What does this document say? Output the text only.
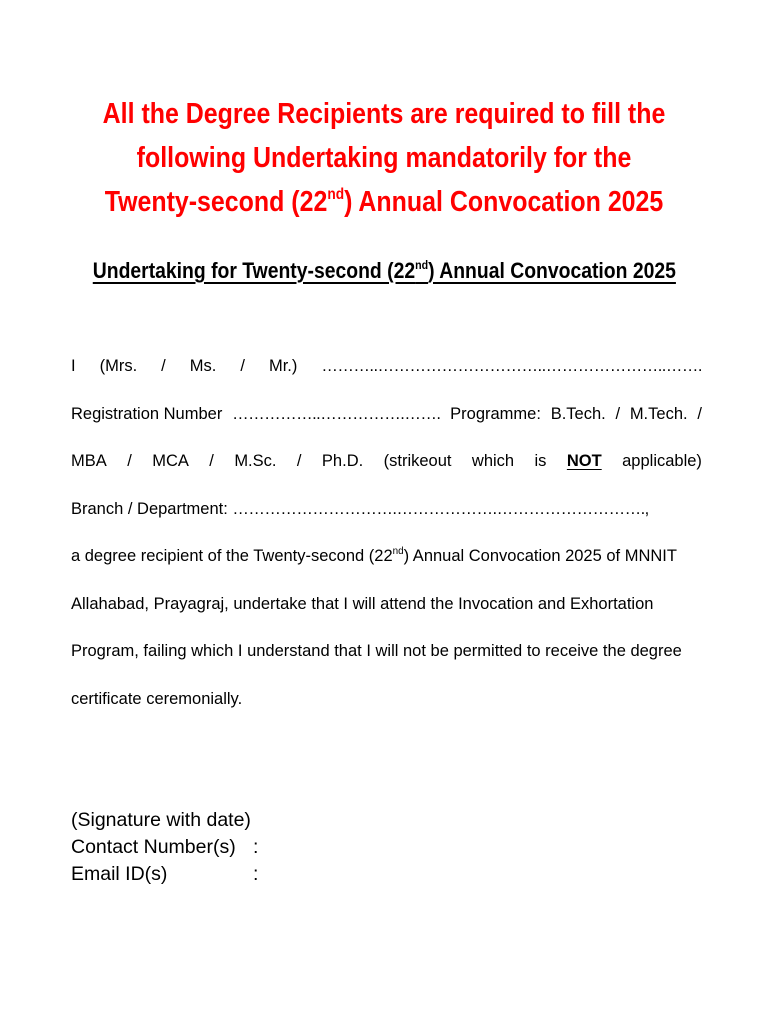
All the Degree Recipients are required to fill the
following Undertaking mandatorily for the
Twenty-second (22nd) Annual Convocation 2025
Undertaking for Twenty-second (22nd) Annual Convocation 2025
I (Mrs. / Ms. / Mr.) ………..…………………………..…………………..…….
Registration Number ……………..…………….……. Programme: B.Tech. / M.Tech. /
MBA / MCA / M.Sc. / Ph.D. (strikeout which is NOT applicable)
Branch / Department: ………………………….……………….……………………….,
a degree recipient of the Twenty-second (22nd) Annual Convocation 2025 of MNNIT
Allahabad, Prayagraj, undertake that I will attend the Invocation and Exhortation
Program, failing which I understand that I will not be permitted to receive the degree
certificate ceremonially.
(Signature with date)
Contact Number(s) :
Email ID(s)	:
